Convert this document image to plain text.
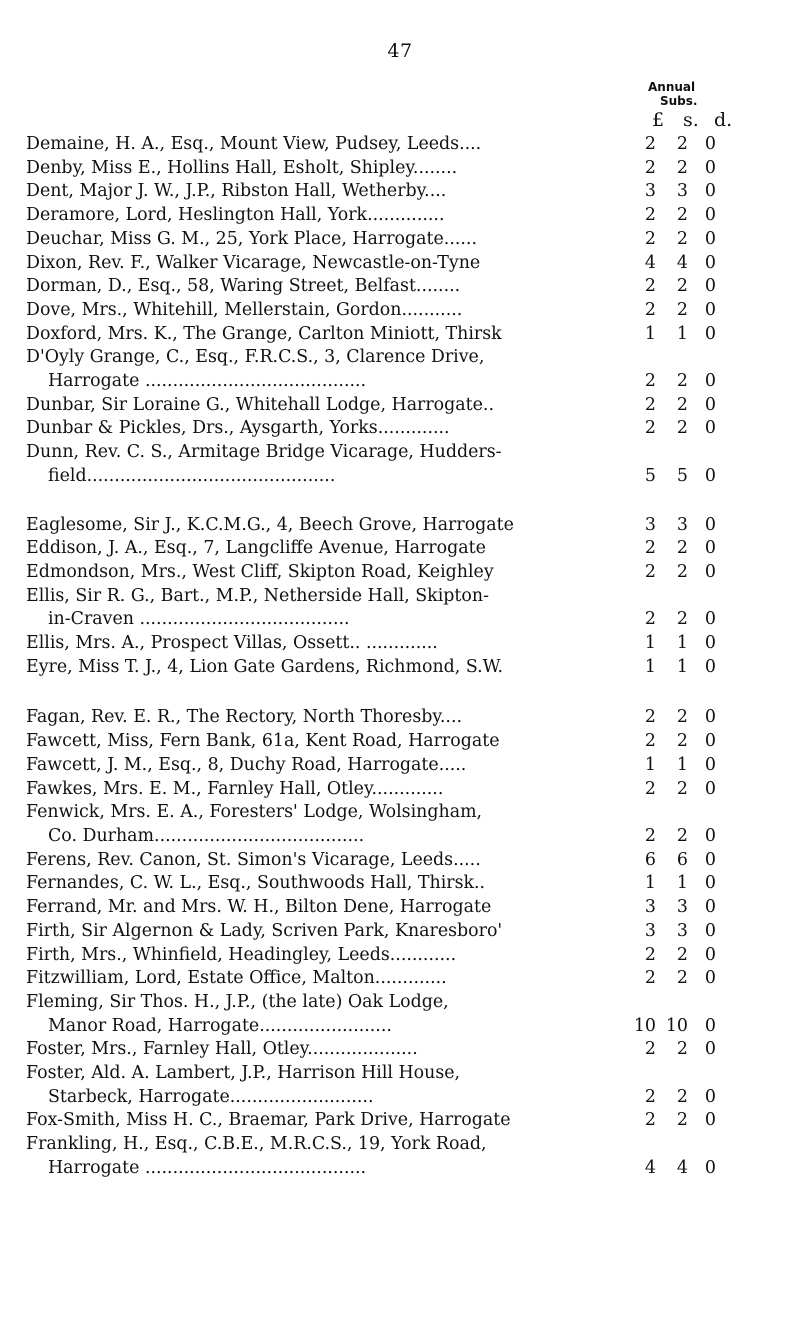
47
Annual
Subs.
£ s. d.
Demaine, H. A., Esq., Mount View, Pudsey, Leeds....	2	2 0
Denby, Miss E., Hollins Hall, Esholt, Shipley........	2	2 0
Dent, Major J. W., J.P., Ribston Hall, Wetherby....	3	3 0
Deramore, Lord, Heslington Hall, York..............	2	2 0
Deuchar, Miss G. M., 25, York Place, Harrogate......	2	2 0
Dixon, Rev. F., Walker Vicarage, Newcastle-on-Tyne	4	4 0
Dorman, D., Esq., 58, Waring Street, Belfast........	2	2 0
Dove, Mrs., Whitehill, Mellerstain, Gordon...........	2	2 0
Doxford, Mrs. K., The Grange, Carlton Miniott, Thirsk	1	1 0
D'Oyly Grange, C., Esq., F.R.C.S., 3, Clarence Drive,
Harrogate ........................................	2	2 0
Dunbar, Sir Loraine G., Whitehall Lodge, Harrogate..	2	2 0
Dunbar & Pickles, Drs., Aysgarth, Yorks.............	2	2 0
Dunn, Rev. C. S., Armitage Bridge Vicarage, Hudders-
field.............................................	5	5 0
Eaglesome, Sir J., K.C.M.G., 4, Beech Grove, Harrogate	3	3 0
Eddison, J. A., Esq., 7, Langcliffe Avenue, Harrogate	2	2 0
Edmondson, Mrs., West Cliff, Skipton Road, Keighley	2	2 0
Ellis, Sir R. G., Bart., M.P., Netherside Hall, Skipton-
in-Craven ......................................	2	2 0
Ellis, Mrs. A., Prospect Villas, Ossett.. .............	1	1 0
Eyre, Miss T. J., 4, Lion Gate Gardens, Richmond, S.W.	1	1 0
Fagan, Rev. E. R., The Rectory, North Thoresby....	2	2 0
Fawcett, Miss, Fern Bank, 61a, Kent Road, Harrogate	2	2 0
Fawcett, J. M., Esq., 8, Duchy Road, Harrogate.....	1	1 0
Fawkes, Mrs. E. M., Farnley Hall, Otley.............	2	2 0
Fenwick, Mrs. E. A., Foresters' Lodge, Wolsingham,
Co. Durham......................................	2	2 0
Ferens, Rev. Canon, St. Simon's Vicarage, Leeds.....	6	6 0
Fernandes, C. W. L., Esq., Southwoods Hall, Thirsk..	1	1 0
Ferrand, Mr. and Mrs. W. H., Bilton Dene, Harrogate	3	3 0
Firth, Sir Algernon & Lady, Scriven Park, Knaresboro'	3	3 0
Firth, Mrs., Whinfield, Headingley, Leeds............	2	2 0
Fitzwilliam, Lord, Estate Office, Malton.............	2	2 0
Fleming, Sir Thos. H., J.P., (the late) Oak Lodge,
Manor Road, Harrogate........................	10 10 0
Foster, Mrs., Farnley Hall, Otley....................	2	2 0
Foster, Ald. A. Lambert, J.P., Harrison Hill House,
Starbeck, Harrogate..........................	2	2 0
Fox-Smith, Miss H. C., Braemar, Park Drive, Harrogate	2	2 0
Frankling, H., Esq., C.B.E., M.R.C.S., 19, York Road,
Harrogate ........................................	4	4 0
